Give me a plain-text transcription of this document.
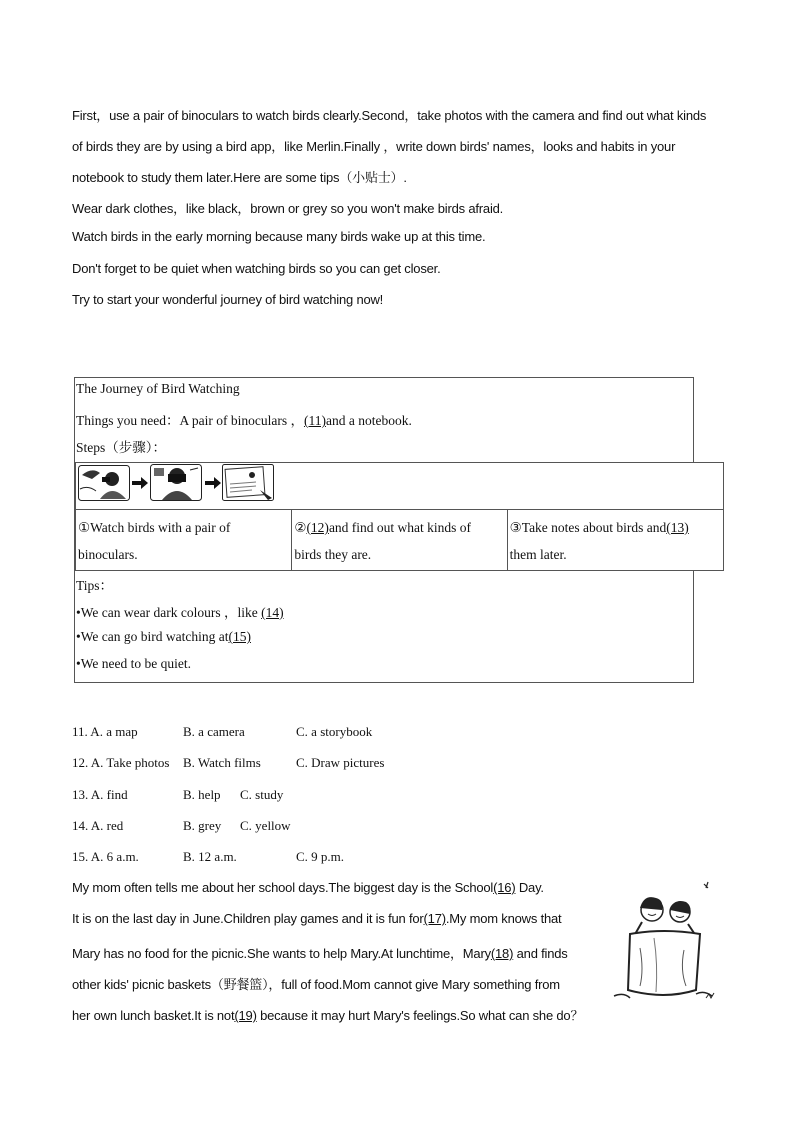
First，use a pair of binoculars to watch birds clearly.Second，take photos with the camera and find out what kinds
of birds they are by using a bird app，like Merlin.Finally ，write down birds' names，looks and habits in your
notebook to study them later.Here are some tips（小贴士）.
Wear dark clothes，like black，brown or grey so you won't make birds afraid.
Watch birds in the early morning because many birds wake up at this time.
Don't forget to be quiet when watching birds so you can get closer.
Try to start your wonderful journey of bird watching now!
The Journey of Bird Watching
Things you need：A pair of binoculars ，(11)and a notebook.
Steps（步骤）：
①Watch birds with a pair of
binoculars.
②(12)and find out what kinds of
birds they are.
③Take notes about birds and(13)
them later.
Tips：
•We can wear dark colours ，like (14)
•We can go bird watching at(15)
•We need to be quiet.
11. A. a map	B. a camera	C. a storybook
12. A. Take photos B. Watch films	C. Draw pictures
13. A. find	B. help C. study
14. A. red	B. grey C. yellow
15. A. 6 a.m.	B. 12 a.m.	C. 9 p.m.
My mom often tells me about her school days.The biggest day is the School(16) Day.
It is on the last day in June.Children play games and it is fun for(17).My mom knows that
Mary has no food for the picnic.She wants to help Mary.At lunchtime，Mary(18) and finds
other kids' picnic baskets（野餐篮），full of food.Mom cannot give Mary something from
her own lunch basket.It is not(19) because it may hurt Mary's feelings.So what can she do？
